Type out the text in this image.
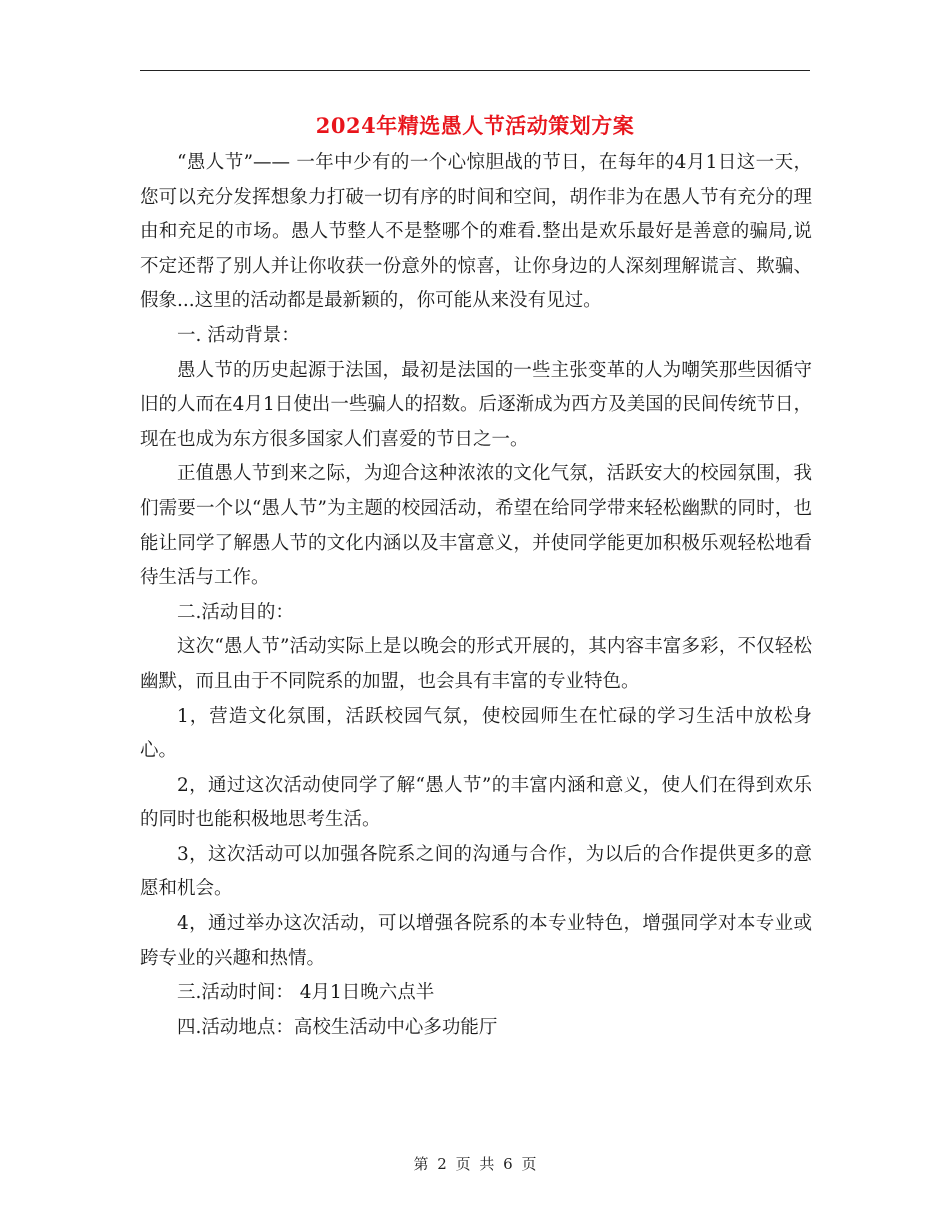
2024年精选愚人节活动策划方案

“愚人节”—— 一年中少有的一个心惊胆战的节日，在每年的4月1日这一天，您可以充分发挥想象力打破一切有序的时间和空间，胡作非为在愚人节有充分的理由和充足的市场。愚人节整人不是整哪个的难看.整出是欢乐最好是善意的骗局,说不定还帮了别人并让你收获一份意外的惊喜，让你身边的人深刻理解谎言、欺骗、假象...这里的活动都是最新颖的，你可能从来没有见过。

一. 活动背景：

愚人节的历史起源于法国，最初是法国的一些主张变革的人为嘲笑那些因循守旧的人而在4月1日使出一些骗人的招数。后逐渐成为西方及美国的民间传统节日，现在也成为东方很多国家人们喜爱的节日之一。

正值愚人节到来之际，为迎合这种浓浓的文化气氛，活跃安大的校园氛围，我们需要一个以“愚人节”为主题的校园活动，希望在给同学带来轻松幽默的同时，也能让同学了解愚人节的文化内涵以及丰富意义，并使同学能更加积极乐观轻松地看待生活与工作。

二.活动目的：

这次“愚人节”活动实际上是以晚会的形式开展的，其内容丰富多彩，不仅轻松幽默，而且由于不同院系的加盟，也会具有丰富的专业特色。

1，营造文化氛围，活跃校园气氛，使校园师生在忙碌的学习生活中放松身心。

2，通过这次活动使同学了解“愚人节”的丰富内涵和意义，使人们在得到欢乐的同时也能积极地思考生活。

3，这次活动可以加强各院系之间的沟通与合作，为以后的合作提供更多的意愿和机会。

4，通过举办这次活动，可以增强各院系的本专业特色，增强同学对本专业或跨专业的兴趣和热情。

三.活动时间： 4月1日晚六点半

四.活动地点：高校生活动中心多功能厅

第 2 页 共 6 页
